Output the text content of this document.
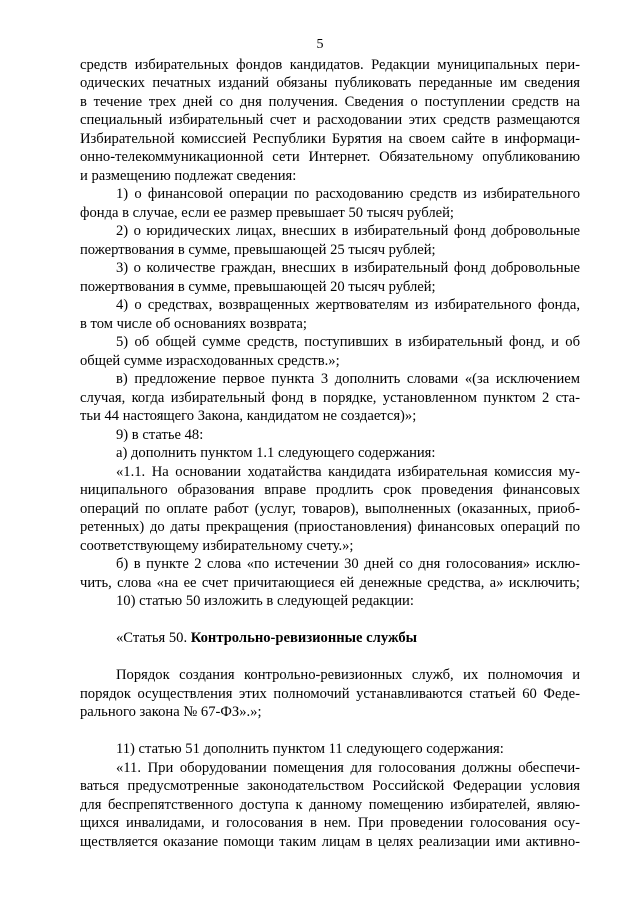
5
средств избирательных фондов кандидатов. Редакции муниципальных пери-
одических печатных изданий обязаны публиковать переданные им сведения
в течение трех дней со дня получения. Сведения о поступлении средств на
специальный избирательный счет и расходовании этих средств размещаются
Избирательной комиссией Республики Бурятия на своем сайте в информаци-
онно-телекоммуникационной сети Интернет. Обязательному опубликованию
и размещению подлежат сведения:
1) о финансовой операции по расходованию средств из избирательного
фонда в случае, если ее размер превышает 50 тысяч рублей;
2) о юридических лицах, внесших в избирательный фонд добровольные
пожертвования в сумме, превышающей 25 тысяч рублей;
3) о количестве граждан, внесших в избирательный фонд добровольные
пожертвования в сумме, превышающей 20 тысяч рублей;
4) о средствах, возвращенных жертвователям из избирательного фонда,
в том числе об основаниях возврата;
5) об общей сумме средств, поступивших в избирательный фонд, и об
общей сумме израсходованных средств.»;
в) предложение первое пункта 3 дополнить словами «(за исключением
случая, когда избирательный фонд в порядке, установленном пунктом 2 ста-
тьи 44 настоящего Закона, кандидатом не создается)»;
9) в статье 48:
а) дополнить пунктом 1.1 следующего содержания:
«1.1. На основании ходатайства кандидата избирательная комиссия му-
ниципального образования вправе продлить срок проведения финансовых
операций по оплате работ (услуг, товаров), выполненных (оказанных, приоб-
ретенных) до даты прекращения (приостановления) финансовых операций по
соответствующему избирательному счету.»;
б) в пункте 2 слова «по истечении 30 дней со дня голосования» исклю-
чить, слова «на ее счет причитающиеся ей денежные средства, а» исключить;
10) статью 50 изложить в следующей редакции:
«Статья 50. Контрольно-ревизионные службы
Порядок создания контрольно-ревизионных служб, их полномочия и
порядок осуществления этих полномочий устанавливаются статьей 60 Феде-
рального закона № 67-ФЗ».»;
11) статью 51 дополнить пунктом 11 следующего содержания:
«11. При оборудовании помещения для голосования должны обеспечи-
ваться предусмотренные законодательством Российской Федерации условия
для беспрепятственного доступа к данному помещению избирателей, являю-
щихся инвалидами, и голосования в нем. При проведении голосования осу-
ществляется оказание помощи таким лицам в целях реализации ими активно-
